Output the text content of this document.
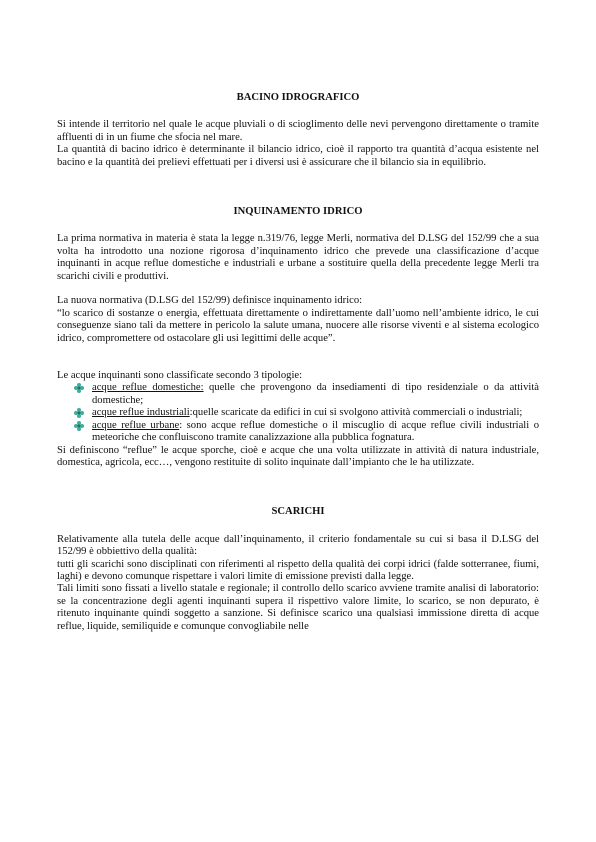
BACINO IDROGRAFICO

Si intende il territorio nel quale le acque pluviali o di scioglimento delle nevi pervengono direttamente o tramite affluenti di in un fiume che sfocia nel mare.

La quantità di bacino idrico è determinante il bilancio idrico, cioè il rapporto tra quantità d’acqua esistente nel bacino e la quantità dei prelievi effettuati per i diversi usi è assicurare che il bilancio sia in equilibrio.

INQUINAMENTO IDRICO

La prima normativa in materia è stata la legge n.319/76, legge Merli, normativa del D.LSG del 152/99 che a sua volta ha introdotto una nozione rigorosa d’inquinamento idrico che prevede una classificazione d’acque inquinanti in acque reflue domestiche e industriali e urbane a sostituire quella della precedente legge Merli tra scarichi civili e produttivi.

La nuova normativa (D.LSG del 152/99) definisce inquinamento idrico:

“lo scarico di sostanze o energia, effettuata direttamente o indirettamente dall’uomo nell’ambiente idrico, le cui conseguenze siano tali da mettere in pericolo la salute umana, nuocere alle risorse viventi e al sistema ecologico idrico, compromettere od ostacolare gli usi legittimi delle acque”.

Le acque inquinanti sono classificate secondo 3 tipologie:

acque reflue domestiche: quelle che provengono da insediamenti di tipo residenziale o da attività domestiche;
acque reflue industriali:quelle scaricate da edifici in cui si svolgono attività commerciali o industriali;
acque reflue urbane: sono acque reflue domestiche o il miscuglio di acque reflue civili industriali o meteoriche che confluiscono tramite canalizzazione alla pubblica fognatura.

Si definiscono “reflue” le acque sporche, cioè e acque che una volta utilizzate in attività di natura industriale, domestica, agricola, ecc…, vengono restituite di solito inquinate dall’impianto che le ha utilizzate.

SCARICHI

Relativamente alla tutela delle acque dall’inquinamento, il criterio fondamentale su cui si basa il D.LSG del 152/99 è obbiettivo della qualità:

tutti gli scarichi sono disciplinati con riferimenti al rispetto della qualità dei corpi idrici (falde sotterranee, fiumi, laghi) e devono comunque rispettare i valori limite di emissione previsti dalla legge.

Tali limiti sono fissati a livello statale e regionale; il controllo dello scarico avviene tramite analisi di laboratorio: se la concentrazione degli agenti inquinanti supera il rispettivo valore limite, lo scarico, se non depurato, è ritenuto inquinante quindi soggetto a sanzione. Si definisce scarico una qualsiasi immissione diretta di acque reflue, liquide, semiliquide e comunque convogliabile nelle
